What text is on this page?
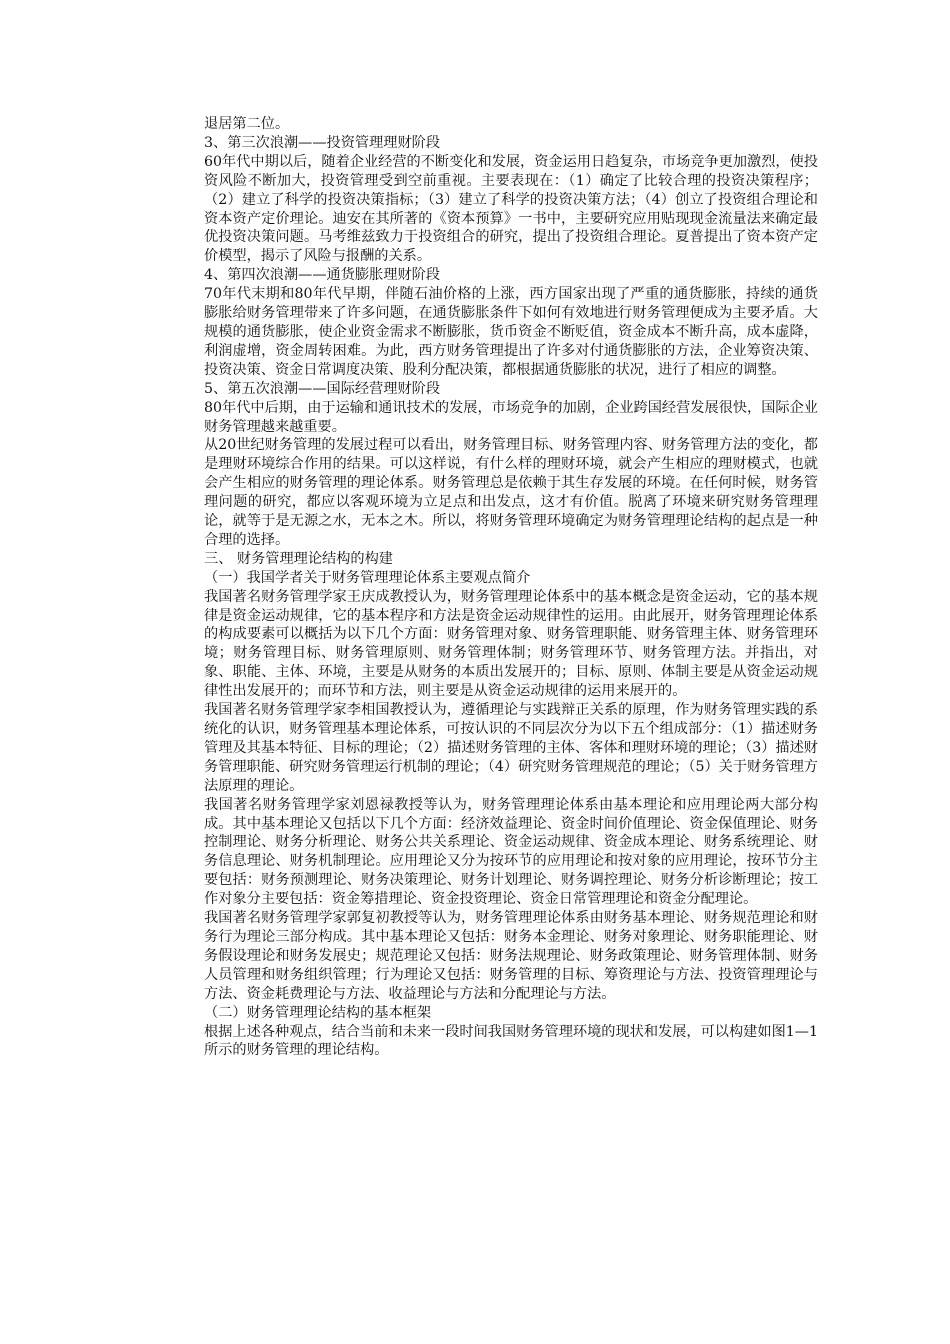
退居第二位。

3、第三次浪潮——投资管理理财阶段

60年代中期以后，随着企业经营的不断变化和发展，资金运用日趋复杂，市场竞争更加激烈，使投资风险不断加大，投资管理受到空前重视。主要表现在：（1）确定了比较合理的投资决策程序；（2）建立了科学的投资决策指标；（3）建立了科学的投资决策方法；（4）创立了投资组合理论和资本资产定价理论。迪安在其所著的《资本预算》一书中，主要研究应用贴现现金流量法来确定最优投资决策问题。马考维兹致力于投资组合的研究，提出了投资组合理论。夏普提出了资本资产定价模型，揭示了风险与报酬的关系。

4、第四次浪潮——通货膨胀理财阶段

70年代末期和80年代早期，伴随石油价格的上涨，西方国家出现了严重的通货膨胀，持续的通货膨胀给财务管理带来了许多问题，在通货膨胀条件下如何有效地进行财务管理便成为主要矛盾。大规模的通货膨胀，使企业资金需求不断膨胀，货币资金不断贬值，资金成本不断升高，成本虚降，利润虚增，资金周转困难。为此，西方财务管理提出了许多对付通货膨胀的方法，企业筹资决策、投资决策、资金日常调度决策、股利分配决策，都根据通货膨胀的状况，进行了相应的调整。

5、第五次浪潮——国际经营理财阶段

80年代中后期，由于运输和通讯技术的发展，市场竞争的加剧，企业跨国经营发展很快，国际企业财务管理越来越重要。

从20世纪财务管理的发展过程可以看出，财务管理目标、财务管理内容、财务管理方法的变化，都是理财环境综合作用的结果。可以这样说，有什么样的理财环境，就会产生相应的理财模式，也就会产生相应的财务管理的理论体系。财务管理总是依赖于其生存发展的环境。在任何时候，财务管理问题的研究，都应以客观环境为立足点和出发点，这才有价值。脱离了环境来研究财务管理理论，就等于是无源之水，无本之木。所以，将财务管理环境确定为财务管理理论结构的起点是一种合理的选择。

三、 财务管理理论结构的构建

（一）我国学者关于财务管理理论体系主要观点简介

我国著名财务管理学家王庆成教授认为，财务管理理论体系中的基本概念是资金运动，它的基本规律是资金运动规律，它的基本程序和方法是资金运动规律性的运用。由此展开，财务管理理论体系的构成要素可以概括为以下几个方面：财务管理对象、财务管理职能、财务管理主体、财务管理环境；财务管理目标、财务管理原则、财务管理体制；财务管理环节、财务管理方法。并指出，对象、职能、主体、环境，主要是从财务的本质出发展开的；目标、原则、体制主要是从资金运动规律性出发展开的；而环节和方法，则主要是从资金运动规律的运用来展开的。

我国著名财务管理学家李相国教授认为，遵循理论与实践辩正关系的原理，作为财务管理实践的系统化的认识，财务管理基本理论体系，可按认识的不同层次分为以下五个组成部分：（1）描述财务管理及其基本特征、目标的理论；（2）描述财务管理的主体、客体和理财环境的理论；（3）描述财务管理职能、研究财务管理运行机制的理论；（4）研究财务管理规范的理论；（5）关于财务管理方法原理的理论。

我国著名财务管理学家刘恩禄教授等认为，财务管理理论体系由基本理论和应用理论两大部分构成。其中基本理论又包括以下几个方面：经济效益理论、资金时间价值理论、资金保值理论、财务控制理论、财务分析理论、财务公共关系理论、资金运动规律、资金成本理论、财务系统理论、财务信息理论、财务机制理论。应用理论又分为按环节的应用理论和按对象的应用理论，按环节分主要包括：财务预测理论、财务决策理论、财务计划理论、财务调控理论、财务分析诊断理论；按工作对象分主要包括：资金筹措理论、资金投资理论、资金日常管理理论和资金分配理论。

我国著名财务管理学家郭复初教授等认为，财务管理理论体系由财务基本理论、财务规范理论和财务行为理论三部分构成。其中基本理论又包括：财务本金理论、财务对象理论、财务职能理论、财务假设理论和财务发展史；规范理论又包括：财务法规理论、财务政策理论、财务管理体制、财务人员管理和财务组织管理；行为理论又包括：财务管理的目标、筹资理论与方法、投资管理理论与方法、资金耗费理论与方法、收益理论与方法和分配理论与方法。

（二）财务管理理论结构的基本框架

根据上述各种观点，结合当前和未来一段时间我国财务管理环境的现状和发展，可以构建如图1—1所示的财务管理的理论结构。
